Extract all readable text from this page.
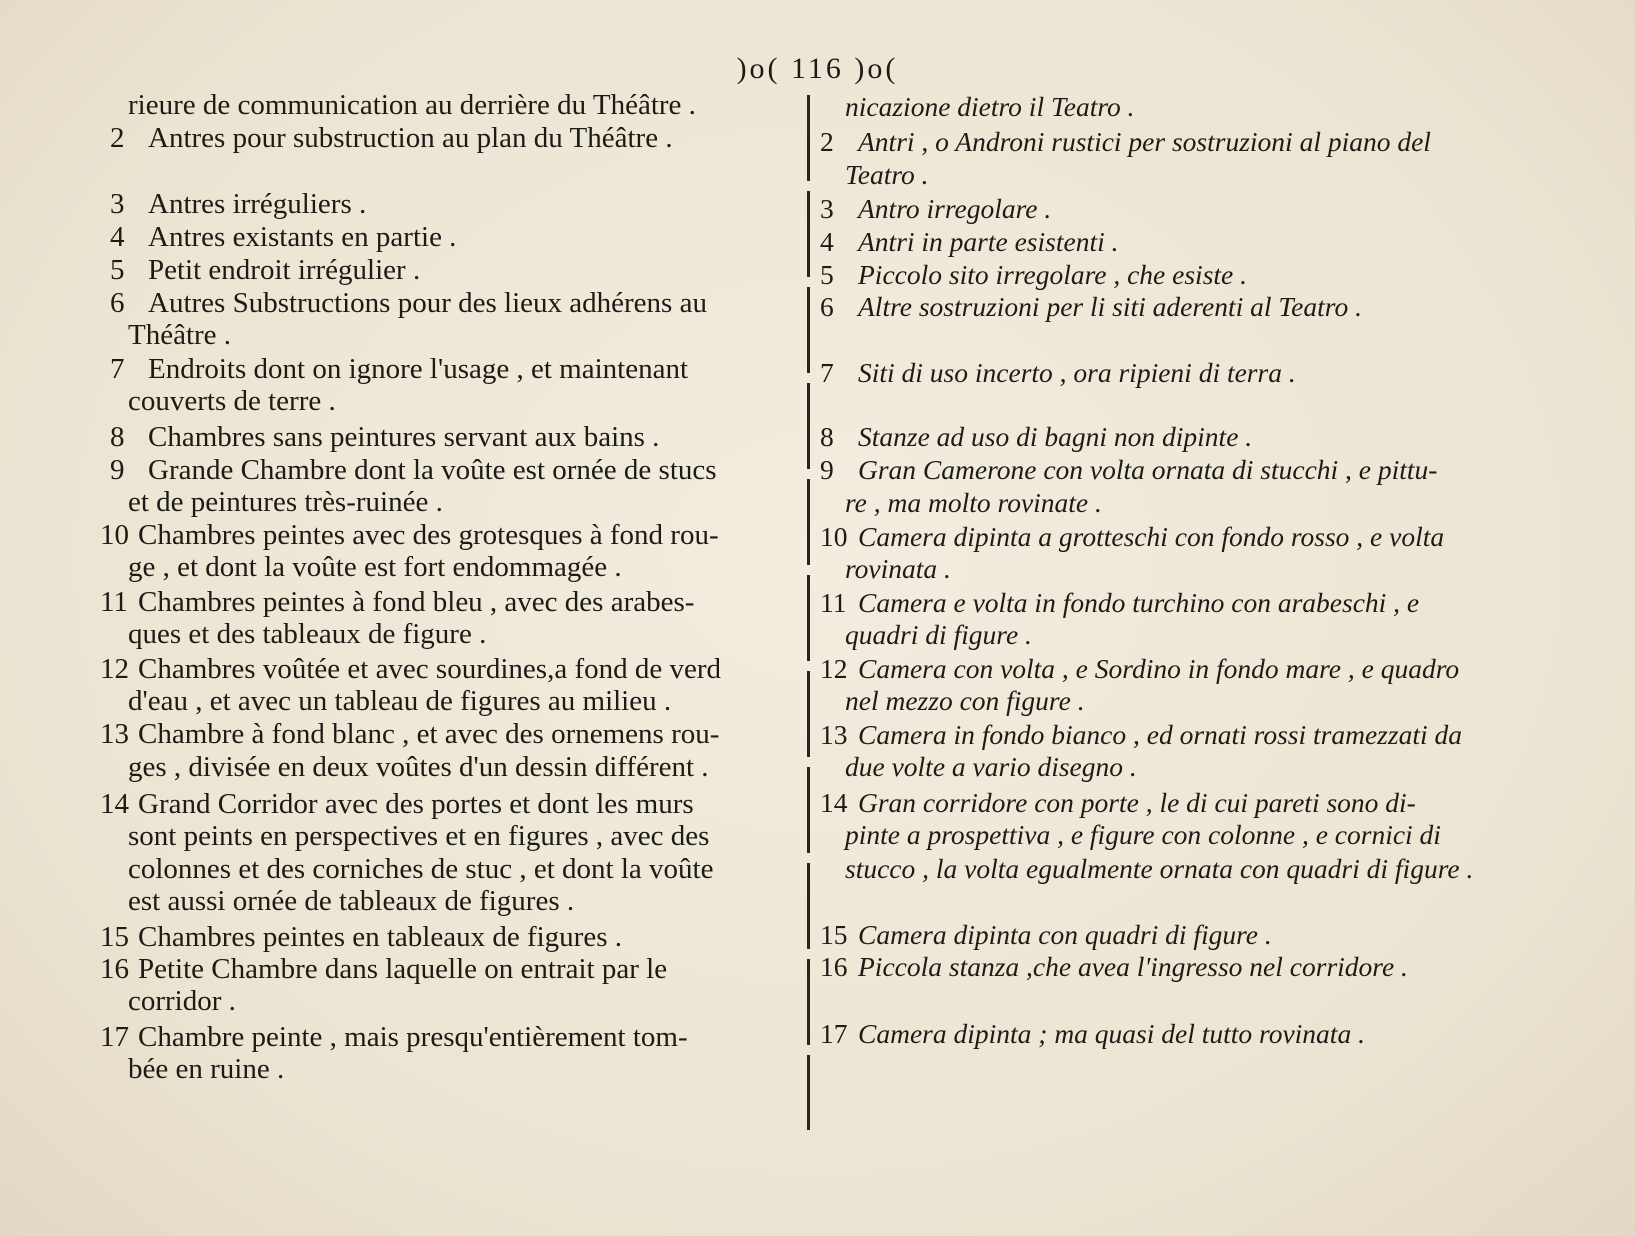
)o( 116 )o(
rieure de communication au derrière du Théâtre .
2 Antres pour substruction au plan du Théâtre .
3 Antres irréguliers .
4 Antres existants en partie .
5 Petit endroit irrégulier .
6 Autres Substructions pour des lieux adhérens au
Théâtre .
7 Endroits dont on ignore l'usage , et maintenant
couverts de terre .
8 Chambres sans peintures servant aux bains .
9 Grande Chambre dont la voûte est ornée de stucs
et de peintures très-ruinée .
10 Chambres peintes avec des grotesques à fond rou-
ge , et dont la voûte est fort endommagée .
11 Chambres peintes à fond bleu , avec des arabes-
ques et des tableaux de figure .
12 Chambres voûtée et avec sourdines,a fond de verd
d'eau , et avec un tableau de figures au milieu .
13 Chambre à fond blanc , et avec des ornemens rou-
ges , divisée en deux voûtes d'un dessin différent .
14 Grand Corridor avec des portes et dont les murs
sont peints en perspectives et en figures , avec des
colonnes et des corniches de stuc , et dont la voûte
est aussi ornée de tableaux de figures .
15 Chambres peintes en tableaux de figures .
16 Petite Chambre dans laquelle on entrait par le
corridor .
17 Chambre peinte , mais presqu'entièrement tom-
bée en ruine .
nicazione dietro il Teatro .
2 Antri , o Androni rustici per sostruzioni al piano del
Teatro .
3 Antro irregolare .
4 Antri in parte esistenti .
5 Piccolo sito irregolare , che esiste .
6 Altre sostruzioni per li siti aderenti al Teatro .
7 Siti di uso incerto , ora ripieni di terra .
8 Stanze ad uso di bagni non dipinte .
9 Gran Camerone con volta ornata di stucchi , e pittu-
re , ma molto rovinate .
10 Camera dipinta a grotteschi con fondo rosso , e volta
rovinata .
11 Camera e volta in fondo turchino con arabeschi , e
quadri di figure .
12 Camera con volta , e Sordino in fondo mare , e quadro
nel mezzo con figure .
13 Camera in fondo bianco , ed ornati rossi tramezzati da
due volte a vario disegno .
14 Gran corridore con porte , le di cui pareti sono di-
pinte a prospettiva , e figure con colonne , e cornici di
stucco , la volta egualmente ornata con quadri di figure .
15 Camera dipinta con quadri di figure .
16 Piccola stanza ,che avea l'ingresso nel corridore .
17 Camera dipinta ; ma quasi del tutto rovinata .
